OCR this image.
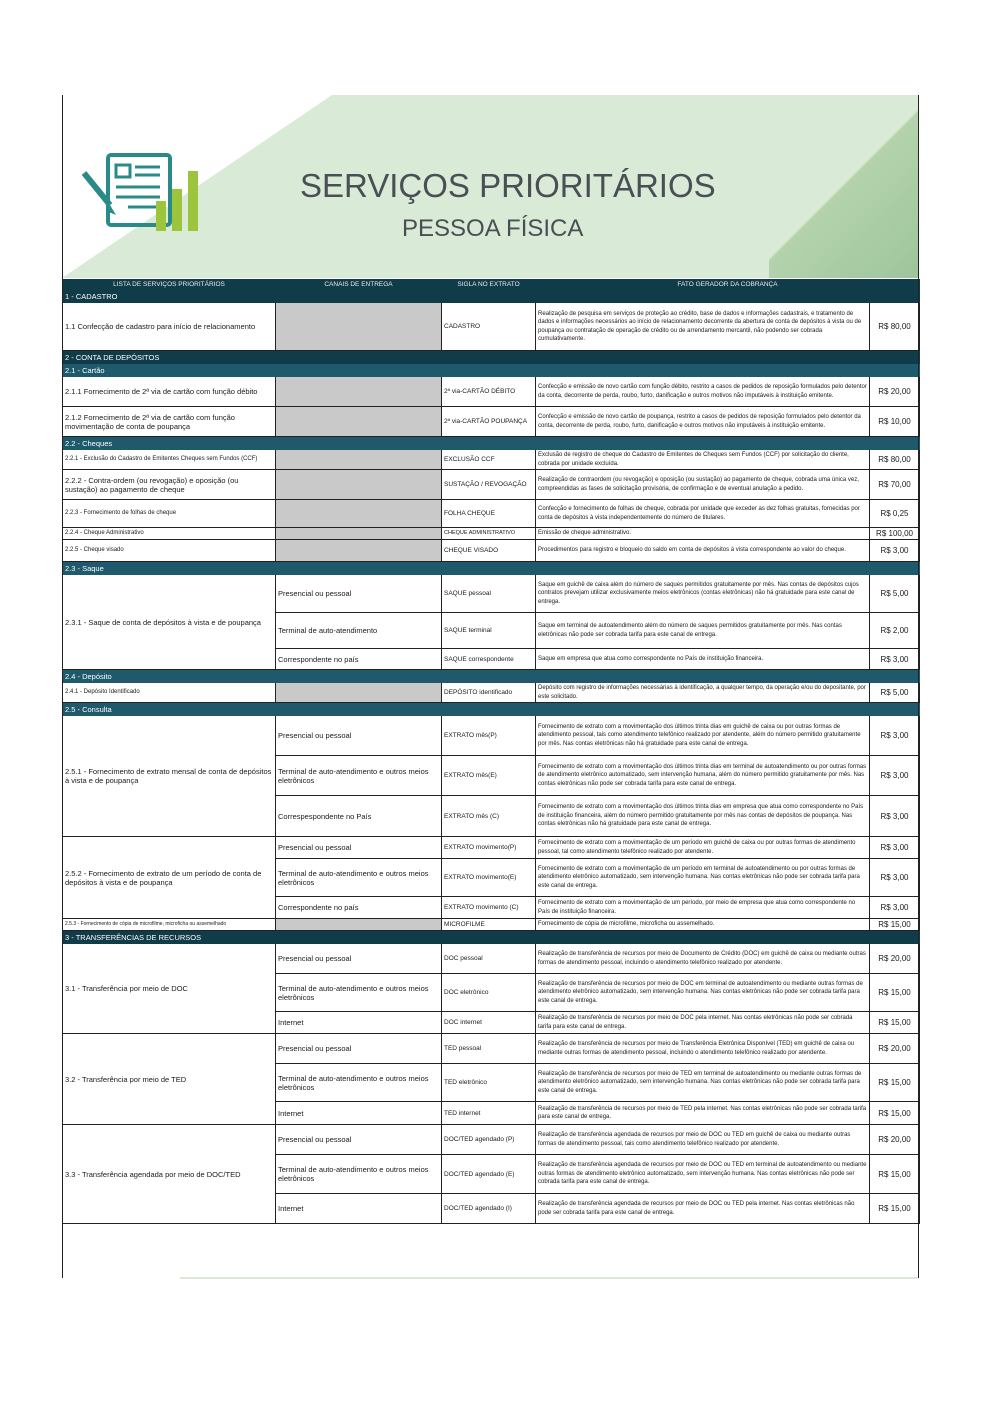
SERVIÇOS PRIORITÁRIOS
PESSOA FÍSICA
LISTA DE SERVIÇOS PRIORITÁRIOS	CANAIS DE ENTREGA	SIGLA NO EXTRATO	FATO GERADOR DA COBRANÇA	
1 - CADASTRO				
1.1 Confecção de cadastro para início de relacionamento		CADASTRO	Realização de pesquisa em serviços de proteção ao crédito, base de dados e informações cadastrais, e tratamento de dados e informações necessários ao início de relacionamento decorrente da abertura de conta de depósitos à vista ou de poupança ou contratação de operação de crédito ou de arrendamento mercantil, não podendo ser cobrada cumulativamente.	R$ 80,00
2 - CONTA DE DEPÓSITOS				
2.1 - Cartão				
2.1.1 Fornecimento de 2ª via de cartão com função débito		2ª via-CARTÃO DÉBITO	Confecção e emissão de novo cartão com função débito, restrito a casos de pedidos de reposição formulados pelo detentor da conta, decorrente de perda, roubo, furto, danificação e outros motivos não imputáveis à instituição emitente.	R$ 20,00
2.1.2 Fornecimento de 2ª via de cartão com função movimentação de conta de poupança		2ª via-CARTÃO POUPANÇA	Confecção e emissão de novo cartão de poupança, restrito a casos de pedidos de reposição formulados pelo detentor da conta, decorrente de perda, roubo, furto, danificação e outros motivos não imputáveis à instituição emitente.	R$ 10,00
2.2 - Cheques				
2.2.1 - Exclusão do Cadastro de Emitentes Cheques sem Fundos (CCF)		EXCLUSÃO CCF	Exclusão de registro de cheque do Cadastro de Emitentes de Cheques sem Fundos (CCF) por solicitação do cliente, cobrada por unidade excluída.	R$ 80,00
2.2.2 - Contra-ordem (ou revogação) e oposição (ou sustação) ao pagamento de cheque		SUSTAÇÃO / REVOGAÇÃO	Realização de contraordem (ou revogação) e oposição (ou sustação) ao pagamento de cheque, cobrada uma única vez, compreendidas as fases de solicitação provisória, de confirmação e de eventual anulação a pedido.	R$ 70,00
2.2.3 - Fornecimento de folhas de cheque		FOLHA CHEQUE	Confecção e fornecimento de folhas de cheque, cobrada por unidade que exceder as dez folhas gratuitas, fornecidas por conta de depósitos à vista independentemente do número de titulares.	R$ 0,25
2.2.4 - Cheque Administrativo		CHEQUE ADMINISTRATIVO	Emissão de cheque administrativo.	R$ 100,00
2.2.5 - Cheque visado		CHEQUE VISADO	Procedimentos para registro e bloqueio do saldo em conta de depósitos à vista correspondente ao valor do cheque.	R$ 3,00
2.3 - Saque				
2.3.1 - Saque de conta de depósitos à vista e de poupança	Presencial ou pessoal	SAQUE pessoal	Saque em guichê de caixa além do número de saques permitidos gratuitamente por mês. Nas contas de depósitos cujos contratos prevejam utilizar exclusivamente meios eletrônicos (contas eletrônicas) não há gratuidade para este canal de entrega.	R$ 5,00
	Terminal de auto-atendimento	SAQUE terminal	Saque em terminal de autoatendimento além do número de saques permitidos gratuitamente por mês. Nas contas eletrônicas não pode ser cobrada tarifa para este canal de entrega.	R$ 2,00
	Correspondente no país	SAQUE correspondente	Saque em empresa que atua como correspondente no País de instituição financeira.	R$ 3,00
2.4 - Depósito				
2.4.1 - Depósito Identificado		DEPÓSITO identificado	Depósito com registro de informações necessárias à identificação, a qualquer tempo, da operação e/ou do depositante, por este solicitado.	R$ 5,00
2.5 - Consulta				
2.5.1 - Fornecimento de extrato mensal de conta de depósitos à vista e de poupança	Presencial ou pessoal	EXTRATO mês(P)	Fornecimento de extrato com a movimentação dos últimos trinta dias em guichê de caixa ou por outras formas de atendimento pessoal, tais como atendimento telefônico realizado por atendente, além do número permitido gratuitamente por mês. Nas contas eletrônicas não há gratuidade para este canal de entrega.	R$ 3,00
	Terminal de auto-atendimento e outros meios eletrônicos	EXTRATO mês(E)	Fornecimento de extrato com a movimentação dos últimos trinta dias em terminal de autoatendimento ou por outras formas de atendimento eletrônico automatizado, sem intervenção humana, além do número permitido gratuitamente por mês. Nas contas eletrônicas não pode ser cobrada tarifa para este canal de entrega.	R$ 3,00
	Correspespondente no País	EXTRATO mês (C)	Fornecimento de extrato com a movimentação dos últimos trinta dias em empresa que atua como correspondente no País de instituição financeira, além do número permitido gratuitamente por mês nas contas de depósitos de poupança. Nas contas eletrônicas não há gratuidade para este canal de entrega.	R$ 3,00
2.5.2 - Fornecimento de extrato de um período de conta de depósitos à vista e de poupança	Presencial ou pessoal	EXTRATO movimento(P)	Fornecimento de extrato com a movimentação de um período em guichê de caixa ou por outras formas de atendimento pessoal, tal como atendimento telefônico realizado por atendente.	R$ 3,00
	Terminal de auto-atendimento e outros meios eletrônicos	EXTRATO movimento(E)	Fornecimento de extrato com a movimentação de um período em terminal de autoatendimento ou por outras formas de atendimento eletrônico automatizado, sem intervenção humana. Nas contas eletrônicas não pode ser cobrada tarifa para este canal de entrega.	R$ 3,00
	Correspondente no país	EXTRATO movimento (C)	Fornecimento de extrato com a movimentação de um período, por meio de empresa que atua como correspondente no País de instituição financeira.	R$ 3,00
2.5.3 - Fornecimento de cópia de microfilme, microficha ou assemelhado		MICROFILME	Fornecimento de cópia de microfilme, microficha ou assemelhado.	R$ 15,00
3 - TRANSFERÊNCIAS DE RECURSOS				
3.1 - Transferência por meio de DOC	Presencial ou pessoal	DOC pessoal	Realização de transferência de recursos por meio de Documento de Crédito (DOC) em guichê de caixa ou mediante outras formas de atendimento pessoal, incluindo o atendimento telefônico realizado por atendente.	R$ 20,00
	Terminal de auto-atendimento e outros meios eletrônicos	DOC eletrônico	Realização de transferência de recursos por meio de DOC em terminal de autoatendimento ou mediante outras formas de atendimento eletrônico automatizado, sem intervenção humana. Nas contas eletrônicas não pode ser cobrada tarifa para este canal de entrega.	R$ 15,00
	Internet	DOC internet	Realização de transferência de recursos por meio de DOC pela internet. Nas contas eletrônicas não pode ser cobrada tarifa para este canal de entrega.	R$ 15,00
3.2 - Transferência por meio de TED	Presencial ou pessoal	TED pessoal	Realização de transferência de recursos por meio de Transferência Eletrônica Disponível (TED) em guichê de caixa ou mediante outras formas de atendimento pessoal, incluindo o atendimento telefônico realizado por atendente.	R$ 20,00
	Terminal de auto-atendimento e outros meios eletrônicos	TED eletrônico	Realização de transferência de recursos por meio de TED em terminal de autoatendimento ou mediante outras formas de atendimento eletrônico automatizado, sem intervenção humana. Nas contas eletrônicas não pode ser cobrada tarifa para este canal de entrega.	R$ 15,00
	Internet	TED internet	Realização de transferência de recursos por meio de TED pela internet. Nas contas eletrônicas não pode ser cobrada tarifa para este canal de entrega.	R$ 15,00
3.3 - Transferência agendada por meio de DOC/TED	Presencial ou pessoal	DOC/TED agendado (P)	Realização de transferência agendada de recursos por meio de DOC ou TED em guichê de caixa ou mediante outras formas de atendimento pessoal, tais como atendimento telefônico realizado por atendente.	R$ 20,00
	Terminal de auto-atendimento e outros meios eletrônicos	DOC/TED agendado (E)	Realização de transferência agendada de recursos por meio de DOC ou TED em terminal de autoatendimento ou mediante outras formas de atendimento eletrônico automatizado, sem intervenção humana. Nas contas eletrônicas não pode ser cobrada tarifa para este canal de entrega.	R$ 15,00
	Internet	DOC/TED agendado (I)	Realização de transferência agendada de recursos por meio de DOC ou TED pela internet. Nas contas eletrônicas não pode ser cobrada tarifa para este canal de entrega.	R$ 15,00
